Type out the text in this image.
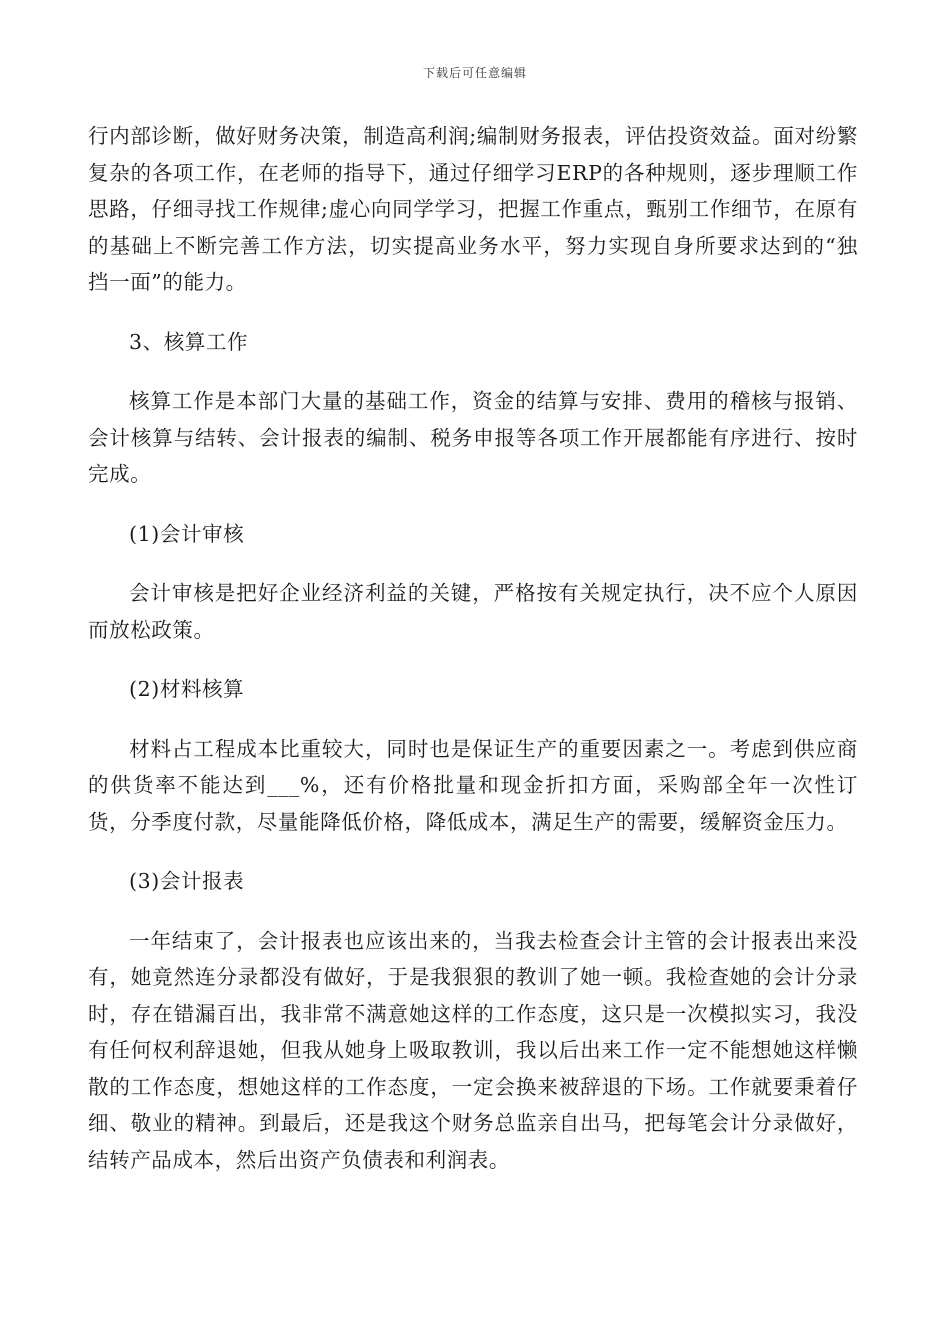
下载后可任意编辑

行内部诊断，做好财务决策，制造高利润;编制财务报表，评估投资效益。面对纷繁复杂的各项工作，在老师的指导下，通过仔细学习ERP的各种规则，逐步理顺工作思路，仔细寻找工作规律;虚心向同学学习，把握工作重点，甄别工作细节，在原有的基础上不断完善工作方法，切实提高业务水平，努力实现自身所要求达到的“独挡一面”的能力。

3、核算工作

核算工作是本部门大量的基础工作，资金的结算与安排、费用的稽核与报销、会计核算与结转、会计报表的编制、税务申报等各项工作开展都能有序进行、按时完成。

(1)会计审核

会计审核是把好企业经济利益的关键，严格按有关规定执行，决不应个人原因而放松政策。

(2)材料核算

材料占工程成本比重较大，同时也是保证生产的重要因素之一。考虑到供应商的供货率不能达到___%，还有价格批量和现金折扣方面，采购部全年一次性订货，分季度付款，尽量能降低价格，降低成本，满足生产的需要，缓解资金压力。

(3)会计报表

一年结束了，会计报表也应该出来的，当我去检查会计主管的会计报表出来没有，她竟然连分录都没有做好，于是我狠狠的教训了她一顿。我检查她的会计分录时，存在错漏百出，我非常不满意她这样的工作态度，这只是一次模拟实习，我没有任何权利辞退她，但我从她身上吸取教训，我以后出来工作一定不能想她这样懒散的工作态度，想她这样的工作态度，一定会换来被辞退的下场。工作就要秉着仔细、敬业的精神。到最后，还是我这个财务总监亲自出马，把每笔会计分录做好，结转产品成本，然后出资产负债表和利润表。
